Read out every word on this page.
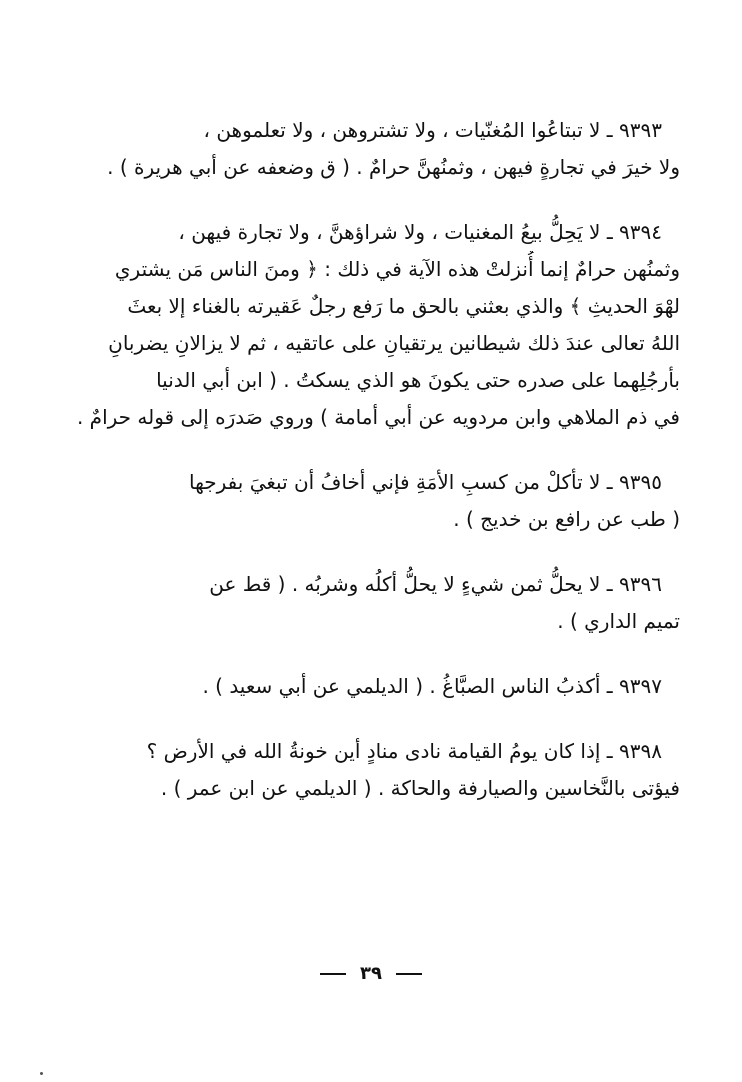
٩٣٩٣ ـ لا تبتاعُوا المُغنّيات ، ولا تشتروهن ، ولا تعلموهن ،
ولا خيرَ في تجارةٍ فيهن ، وثمنُهنَّ حرامٌ . ( ق وضعفه عن أبي هريرة ) .
٩٣٩٤ ـ لا يَحِلُّ بيعُ المغنيات ، ولا شراؤهنَّ ، ولا تجارة فيهن ،
وثمنُهن حرامٌ إنما أُنزلتْ هذه الآية في ذلك : ﴿ ومنَ الناس مَن يشتري
لهْوَ الحديثِ ﴾ والذي بعثني بالحق ما رَفع رجلٌ عَقيرته بالغناء إلا بعثَ
اللهُ تعالى عندَ ذلك شيطانين يرتقيانِ على عاتقيه ، ثم لا يزالانِ يضربانِ
بأرجُلِهما على صدره حتى يكونَ هو الذي يسكتُ . ( ابن أبي الدنيا
في ذم الملاهي وابن مردويه عن أبي أمامة ) وروي صَدرَه إلى قوله حرامٌ .
٩٣٩٥ ـ لا تأكلْ من كسبِ الأمَةِ فإني أخافُ أن تبغيَ بفرجها
( طب عن رافع بن خديج ) .
٩٣٩٦ ـ لا يحلُّ ثمن شيءٍ لا يحلُّ أكلُه وشربُه . ( قط عن
تميم الداري ) .
٩٣٩٧ ـ أكذبُ الناس الصبَّاغُ . ( الديلمي عن أبي سعيد ) .
٩٣٩٨ ـ إذا كان يومُ القيامة نادى منادٍ أين خونةُ الله في الأرض ؟
فيؤتى بالنَّخاسين والصيارفة والحاكة . ( الديلمي عن ابن عمر ) .
٣٩
